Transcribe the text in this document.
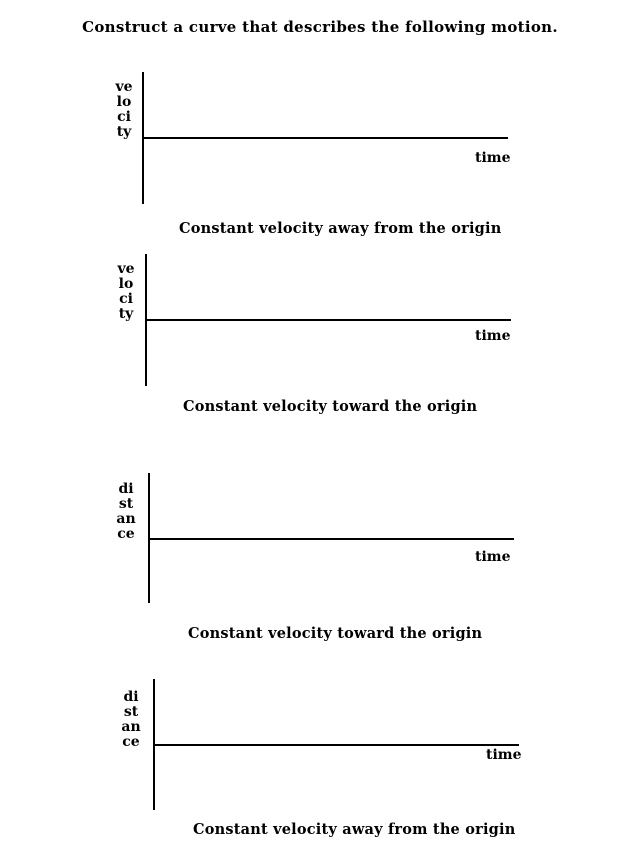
Construct a curve that describes the following motion.
velocity
time
Constant velocity away from the origin
velocity
time
Constant velocity toward the origin
distance
time
Constant velocity toward the origin
distance
time
Constant velocity away from the origin
